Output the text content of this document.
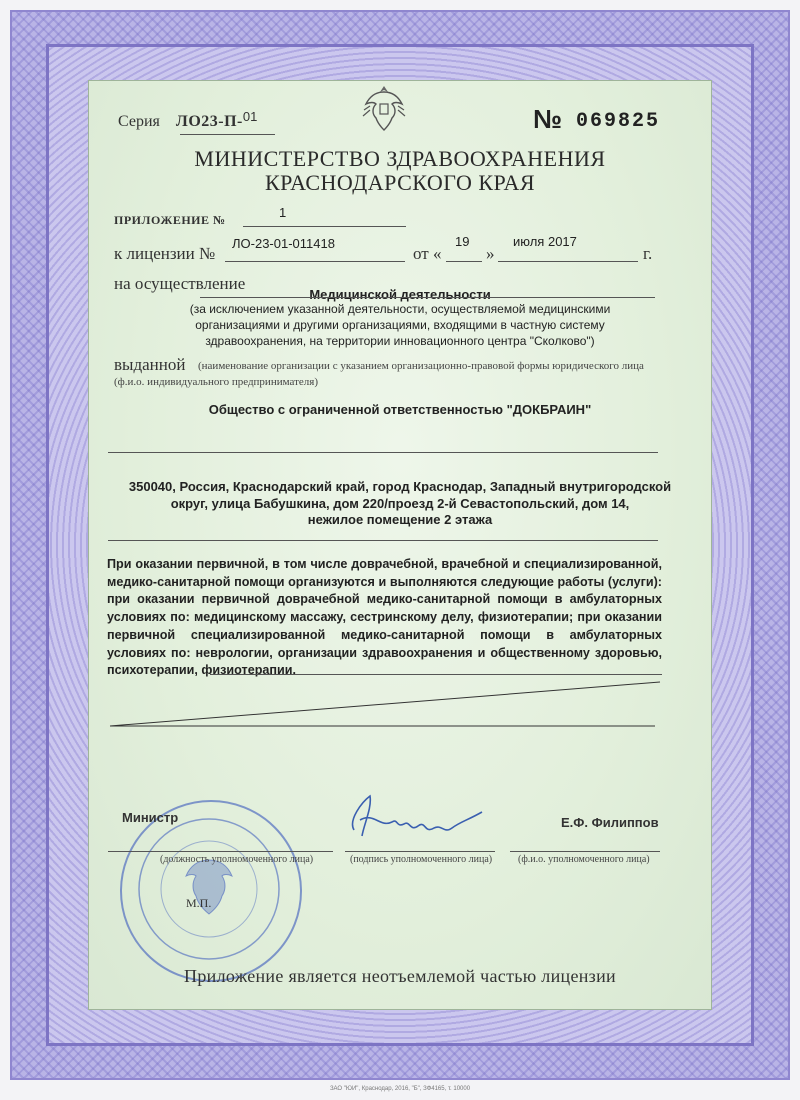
Серия ЛО23-П-$^{01}$	№ 069825
МИНИСТЕРСТВО ЗДРАВООХРАНЕНИЯ
КРАСНОДАРСКОГО КРАЯ
ПРИЛОЖЕНИЕ №	1
к лицензии №
ЛО-23-01-011418
от «
19
»
июля 2017
г.
на осуществление
Медицинской деятельности
(за исключением указанной деятельности, осуществляемой медицинскими
организациями и другими организациями, входящими в частную систему
здравоохранения, на территории инновационного центра "Сколково")
выданной (наименование организации с указанием организационно-правовой формы юридического лица
(ф.и.о. индивидуального предпринимателя)
Общество с ограниченной ответственностью "ДОКБРАИН"
350040, Россия, Краснодарский край, город Краснодар, Западный внутригородской
округ, улица Бабушкина, дом 220/проезд 2-й Севастопольский, дом 14,
нежилое помещение 2 этажа
При оказании первичной, в том числе доврачебной, врачебной и специализированной, медико-санитарной помощи организуются и выполняются следующие работы (услуги): при оказании первичной доврачебной медико-санитарной помощи в амбулаторных условиях по: медицинскому массажу, сестринскому делу, физиотерапии; при оказании первичной специализированной медико-санитарной помощи в амбулаторных условиях по: неврологии, организации здравоохранения и общественному здоровью, психотерапии, физиотерапии.
Министр
(должность уполномоченного лица)	(подпись уполномоченного лица)
Е.Ф. Филиппов
(ф.и.о. уполномоченного лица)
М.П.
Приложение является неотъемлемой частью лицензии
ЗАО "ЮИ", Краснодар, 2016, "Б", ЗФ4165, т. 10000
